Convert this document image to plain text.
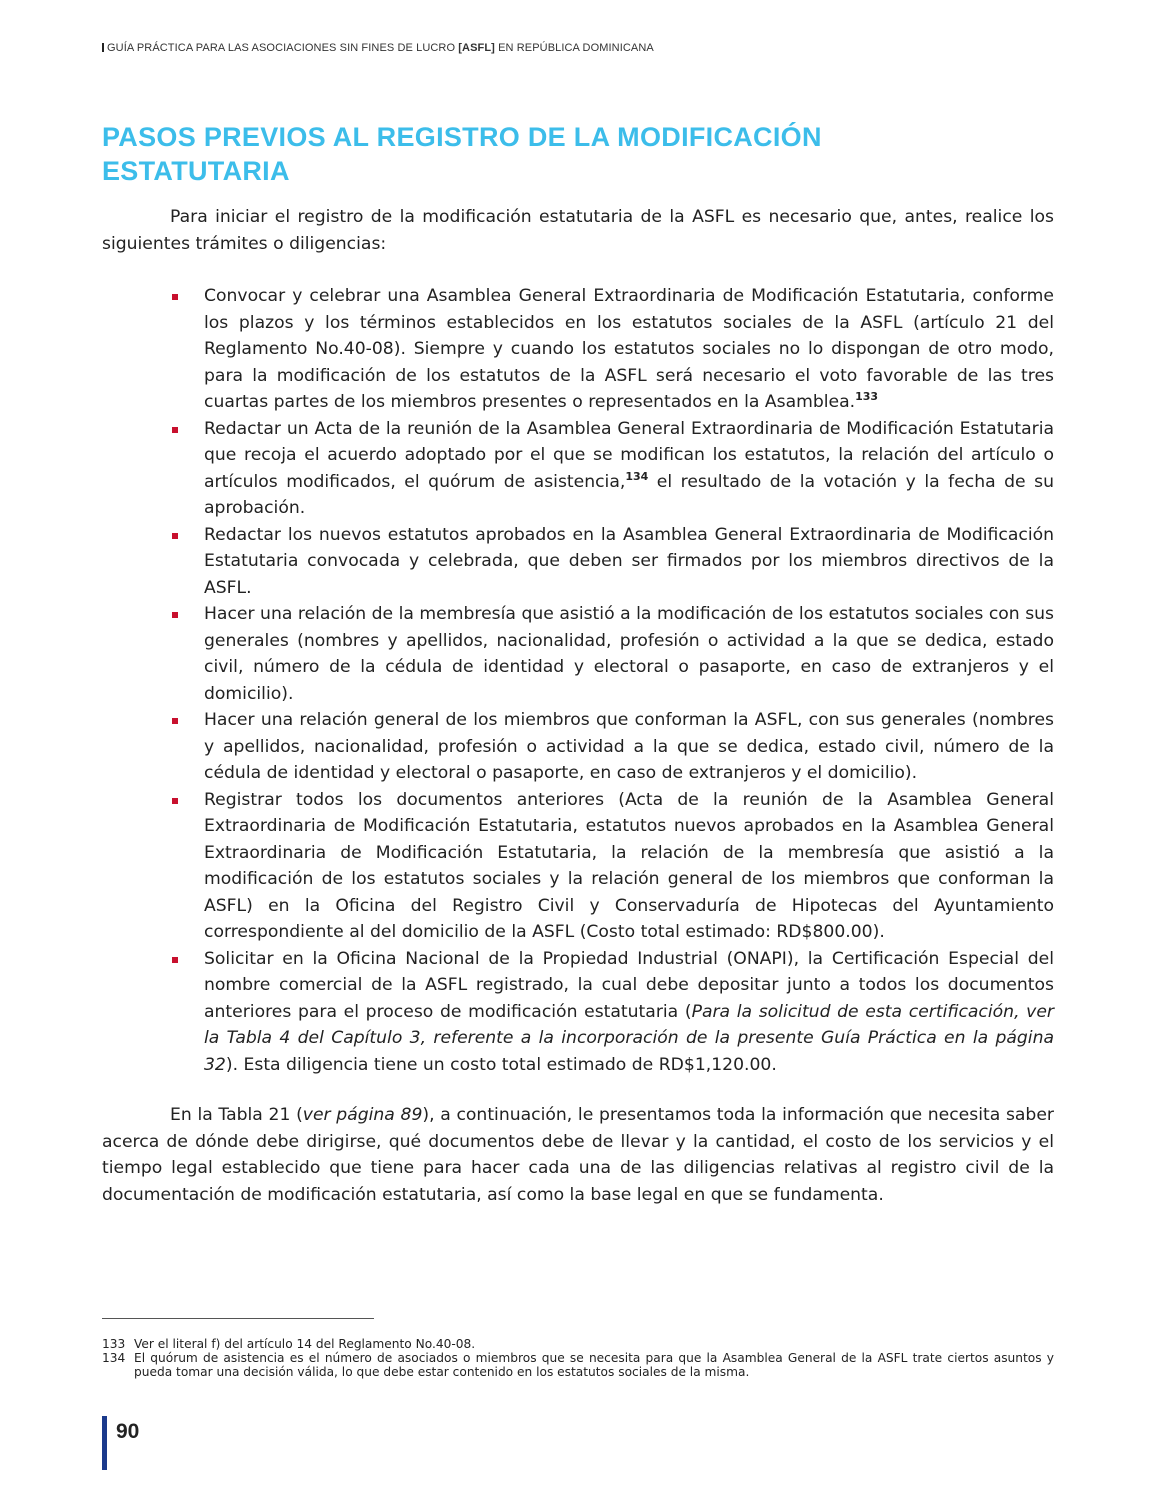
GUÍA PRÁCTICA PARA LAS ASOCIACIONES SIN FINES DE LUCRO [ASFL] EN REPÚBLICA DOMINICANA
PASOS PREVIOS AL REGISTRO DE LA MODIFICACIÓN ESTATUTARIA

Para iniciar el registro de la modificación estatutaria de la ASFL es necesario que, antes, realice los siguientes trámites o diligencias:

Convocar y celebrar una Asamblea General Extraordinaria de Modificación Estatutaria, conforme los plazos y los términos establecidos en los estatutos sociales de la ASFL (artículo 21 del Reglamento No.40-08). Siempre y cuando los estatutos sociales no lo dispongan de otro modo, para la modificación de los estatutos de la ASFL será necesario el voto favorable de las tres cuartas partes de los miembros presentes o representados en la Asamblea.$^{133}$
Redactar un Acta de la reunión de la Asamblea General Extraordinaria de Modificación Estatutaria que recoja el acuerdo adoptado por el que se modifican los estatutos, la relación del artículo o artículos modificados, el quórum de asistencia,$^{134}$ el resultado de la votación y la fecha de su aprobación.
Redactar los nuevos estatutos aprobados en la Asamblea General Extraordinaria de Modificación Estatutaria convocada y celebrada, que deben ser firmados por los miembros directivos de la ASFL.
Hacer una relación de la membresía que asistió a la modificación de los estatutos sociales con sus generales (nombres y apellidos, nacionalidad, profesión o actividad a la que se dedica, estado civil, número de la cédula de identidad y electoral o pasaporte, en caso de extranjeros y el domicilio).
Hacer una relación general de los miembros que conforman la ASFL, con sus generales (nombres y apellidos, nacionalidad, profesión o actividad a la que se dedica, estado civil, número de la cédula de identidad y electoral o pasaporte, en caso de extranjeros y el domicilio).
Registrar todos los documentos anteriores (Acta de la reunión de la Asamblea General Extraordinaria de Modificación Estatutaria, estatutos nuevos aprobados en la Asamblea General Extraordinaria de Modificación Estatutaria, la relación de la membresía que asistió a la modificación de los estatutos sociales y la relación general de los miembros que conforman la ASFL) en la Oficina del Registro Civil y Conservaduría de Hipotecas del Ayuntamiento correspondiente al del domicilio de la ASFL (Costo total estimado: RD$800.00).
Solicitar en la Oficina Nacional de la Propiedad Industrial (ONAPI), la Certificación Especial del nombre comercial de la ASFL registrado, la cual debe depositar junto a todos los documentos anteriores para el proceso de modificación estatutaria (Para la solicitud de esta certificación, ver la Tabla 4 del Capítulo 3, referente a la incorporación de la presente Guía Práctica en la página 32). Esta diligencia tiene un costo total estimado de RD$1,120.00.

En la Tabla 21 (ver página 89), a continuación, le presentamos toda la información que necesita saber acerca de dónde debe dirigirse, qué documentos debe de llevar y la cantidad, el costo de los servicios y el tiempo legal establecido que tiene para hacer cada una de las diligencias relativas al registro civil de la documentación de modificación estatutaria, así como la base legal en que se fundamenta.

133 Ver el literal f) del artículo 14 del Reglamento No.40-08.
134 El quórum de asistencia es el número de asociados o miembros que se necesita para que la Asamblea General de la ASFL trate ciertos asuntos y pueda tomar una decisión válida, lo que debe estar contenido en los estatutos sociales de la misma.
90
